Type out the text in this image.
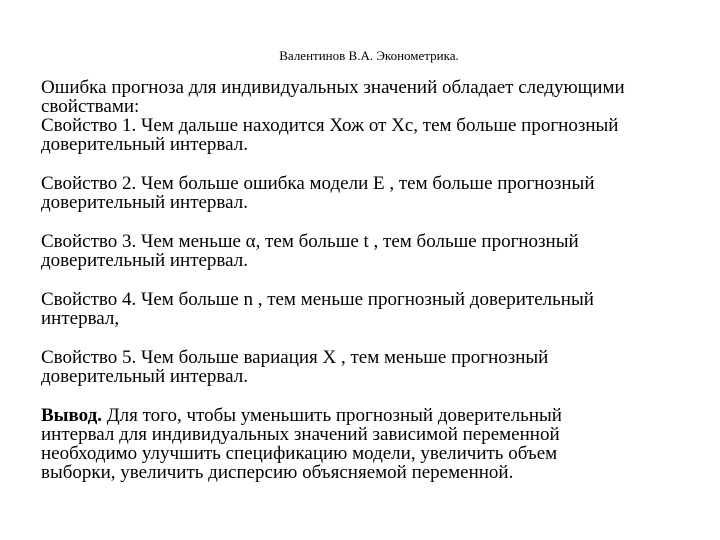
Валентинов В.А. Эконометрика.
Ошибка прогноза для индивидуальных значений обладает следующими
свойствами:
Свойство 1. Чем дальше находится Хож от Хс, тем больше прогнозный
доверительный интервал.
Свойство 2. Чем больше ошибка модели Е , тем больше прогнозный
доверительный интервал.
Свойство 3. Чем меньше α, тем больше t , тем больше прогнозный
доверительный интервал.
Свойство 4. Чем больше n , тем меньше прогнозный доверительный
интервал,
Свойство 5. Чем больше вариация Х , тем меньше прогнозный
доверительный интервал.
Вывод. Для того, чтобы уменьшить прогнозный доверительный
интервал для индивидуальных значений зависимой переменной
необходимо улучшить спецификацию модели, увеличить объем
выборки, увеличить дисперсию объясняемой переменной.
